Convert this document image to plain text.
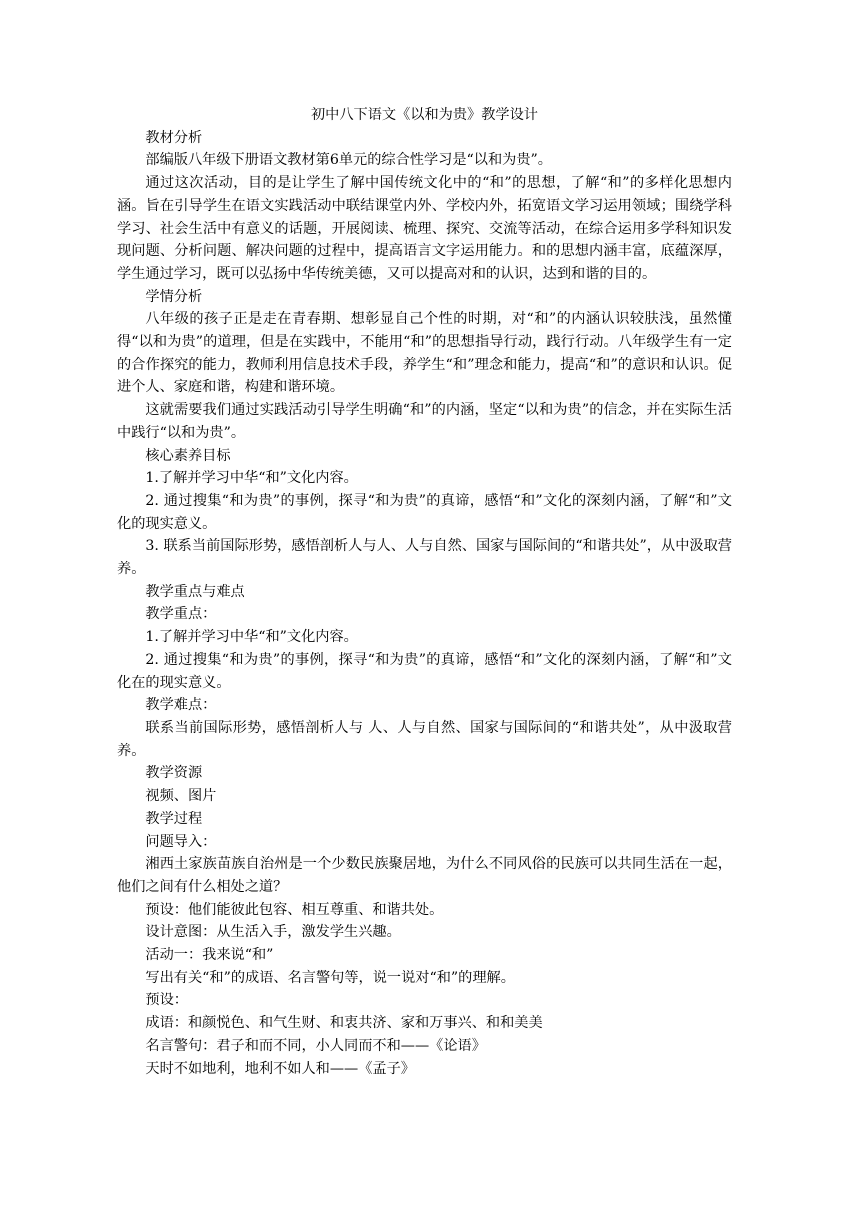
初中八下语文《以和为贵》教学设计

教材分析

部编版八年级下册语文教材第6单元的综合性学习是“以和为贵”。

通过这次活动，目的是让学生了解中国传统文化中的“和”的思想，了解“和”的多样化思想内涵。旨在引导学生在语文实践活动中联结课堂内外、学校内外，拓宽语文学习运用领域；围绕学科学习、社会生活中有意义的话题，开展阅读、梳理、探究、交流等活动，在综合运用多学科知识发现问题、分析问题、解决问题的过程中，提高语言文字运用能力。和的思想内涵丰富，底蕴深厚，学生通过学习，既可以弘扬中华传统美德，又可以提高对和的认识，达到和谐的目的。

学情分析

八年级的孩子正是走在青春期、想彰显自己个性的时期，对“和”的内涵认识较肤浅，虽然懂得“以和为贵”的道理，但是在实践中，不能用“和”的思想指导行动，践行行动。八年级学生有一定的合作探究的能力，教师利用信息技术手段，养学生“和”理念和能力，提高“和”的意识和认识。促进个人、家庭和谐，构建和谐环境。

这就需要我们通过实践活动引导学生明确“和”的内涵，坚定“以和为贵”的信念，并在实际生活中践行“以和为贵”。

核心素养目标

1.了解并学习中华“和”文化内容。

2. 通过搜集“和为贵”的事例，探寻“和为贵”的真谛，感悟“和”文化的深刻内涵，了解“和”文化的现实意义。

3. 联系当前国际形势，感悟剖析人与人、人与自然、国家与国际间的“和谐共处”，从中汲取营养。

教学重点与难点

教学重点：

1.了解并学习中华“和”文化内容。

2. 通过搜集“和为贵”的事例，探寻“和为贵”的真谛，感悟“和”文化的深刻内涵，了解“和”文化在的现实意义。

教学难点：

联系当前国际形势，感悟剖析人与 人、人与自然、国家与国际间的“和谐共处”，从中汲取营养。

教学资源

视频、图片

教学过程

问题导入：

湘西土家族苗族自治州是一个少数民族聚居地，为什么不同风俗的民族可以共同生活在一起，他们之间有什么相处之道？

预设：他们能彼此包容、相互尊重、和谐共处。

设计意图：从生活入手，激发学生兴趣。

活动一：我来说“和”

写出有关“和”的成语、名言警句等，说一说对“和”的理解。

预设：

成语：和颜悦色、和气生财、和衷共济、家和万事兴、和和美美

名言警句：君子和而不同，小人同而不和——《论语》

天时不如地利，地利不如人和——《孟子》
